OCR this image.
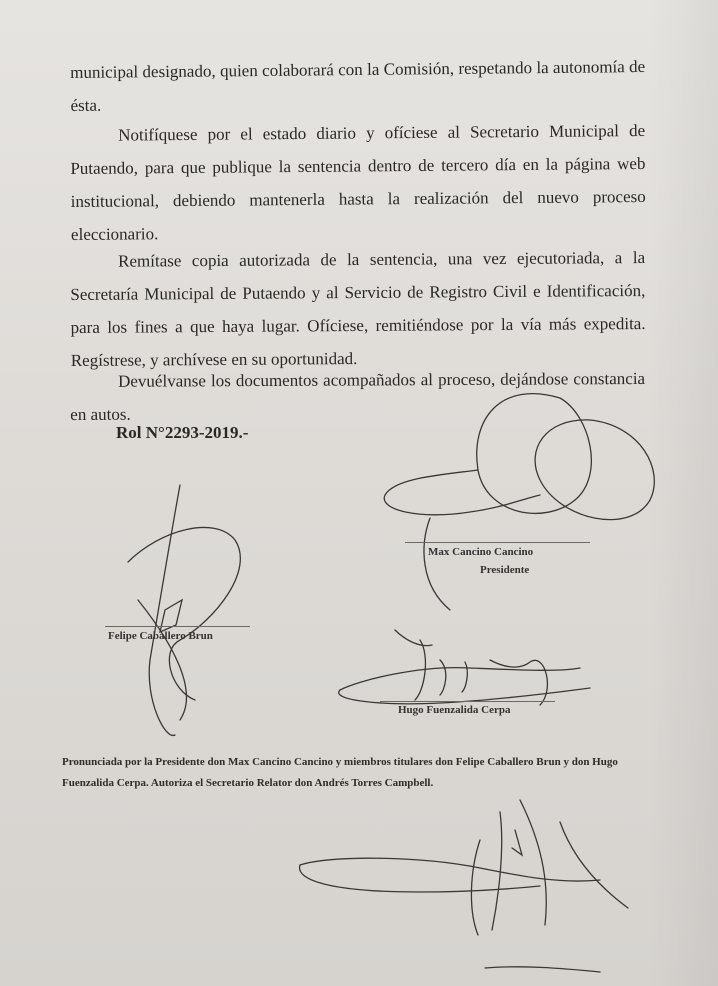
municipal designado, quien colaborará con la Comisión, respetando la autonomía de ésta.

Notifíquese por el estado diario y ofíciese al Secretario Municipal de Putaendo, para que publique la sentencia dentro de tercero día en la página web institucional, debiendo mantenerla hasta la realización del nuevo proceso eleccionario.

Remítase copia autorizada de la sentencia, una vez ejecutoriada, a la Secretaría Municipal de Putaendo y al Servicio de Registro Civil e Identificación, para los fines a que haya lugar. Ofíciese, remitiéndose por la vía más expedita. Regístrese, y archívese en su oportunidad.

Devuélvanse los documentos acompañados al proceso, dejándose constancia en autos.

Rol N°2293-2019.-
Max Cancino Cancino
Presidente
Felipe Caballero Brun
Hugo Fuenzalida Cerpa

Pronunciada por la Presidente don Max Cancino Cancino y miembros titulares don Felipe Caballero Brun y don Hugo Fuenzalida Cerpa. Autoriza el Secretario Relator don Andrés Torres Campbell.
